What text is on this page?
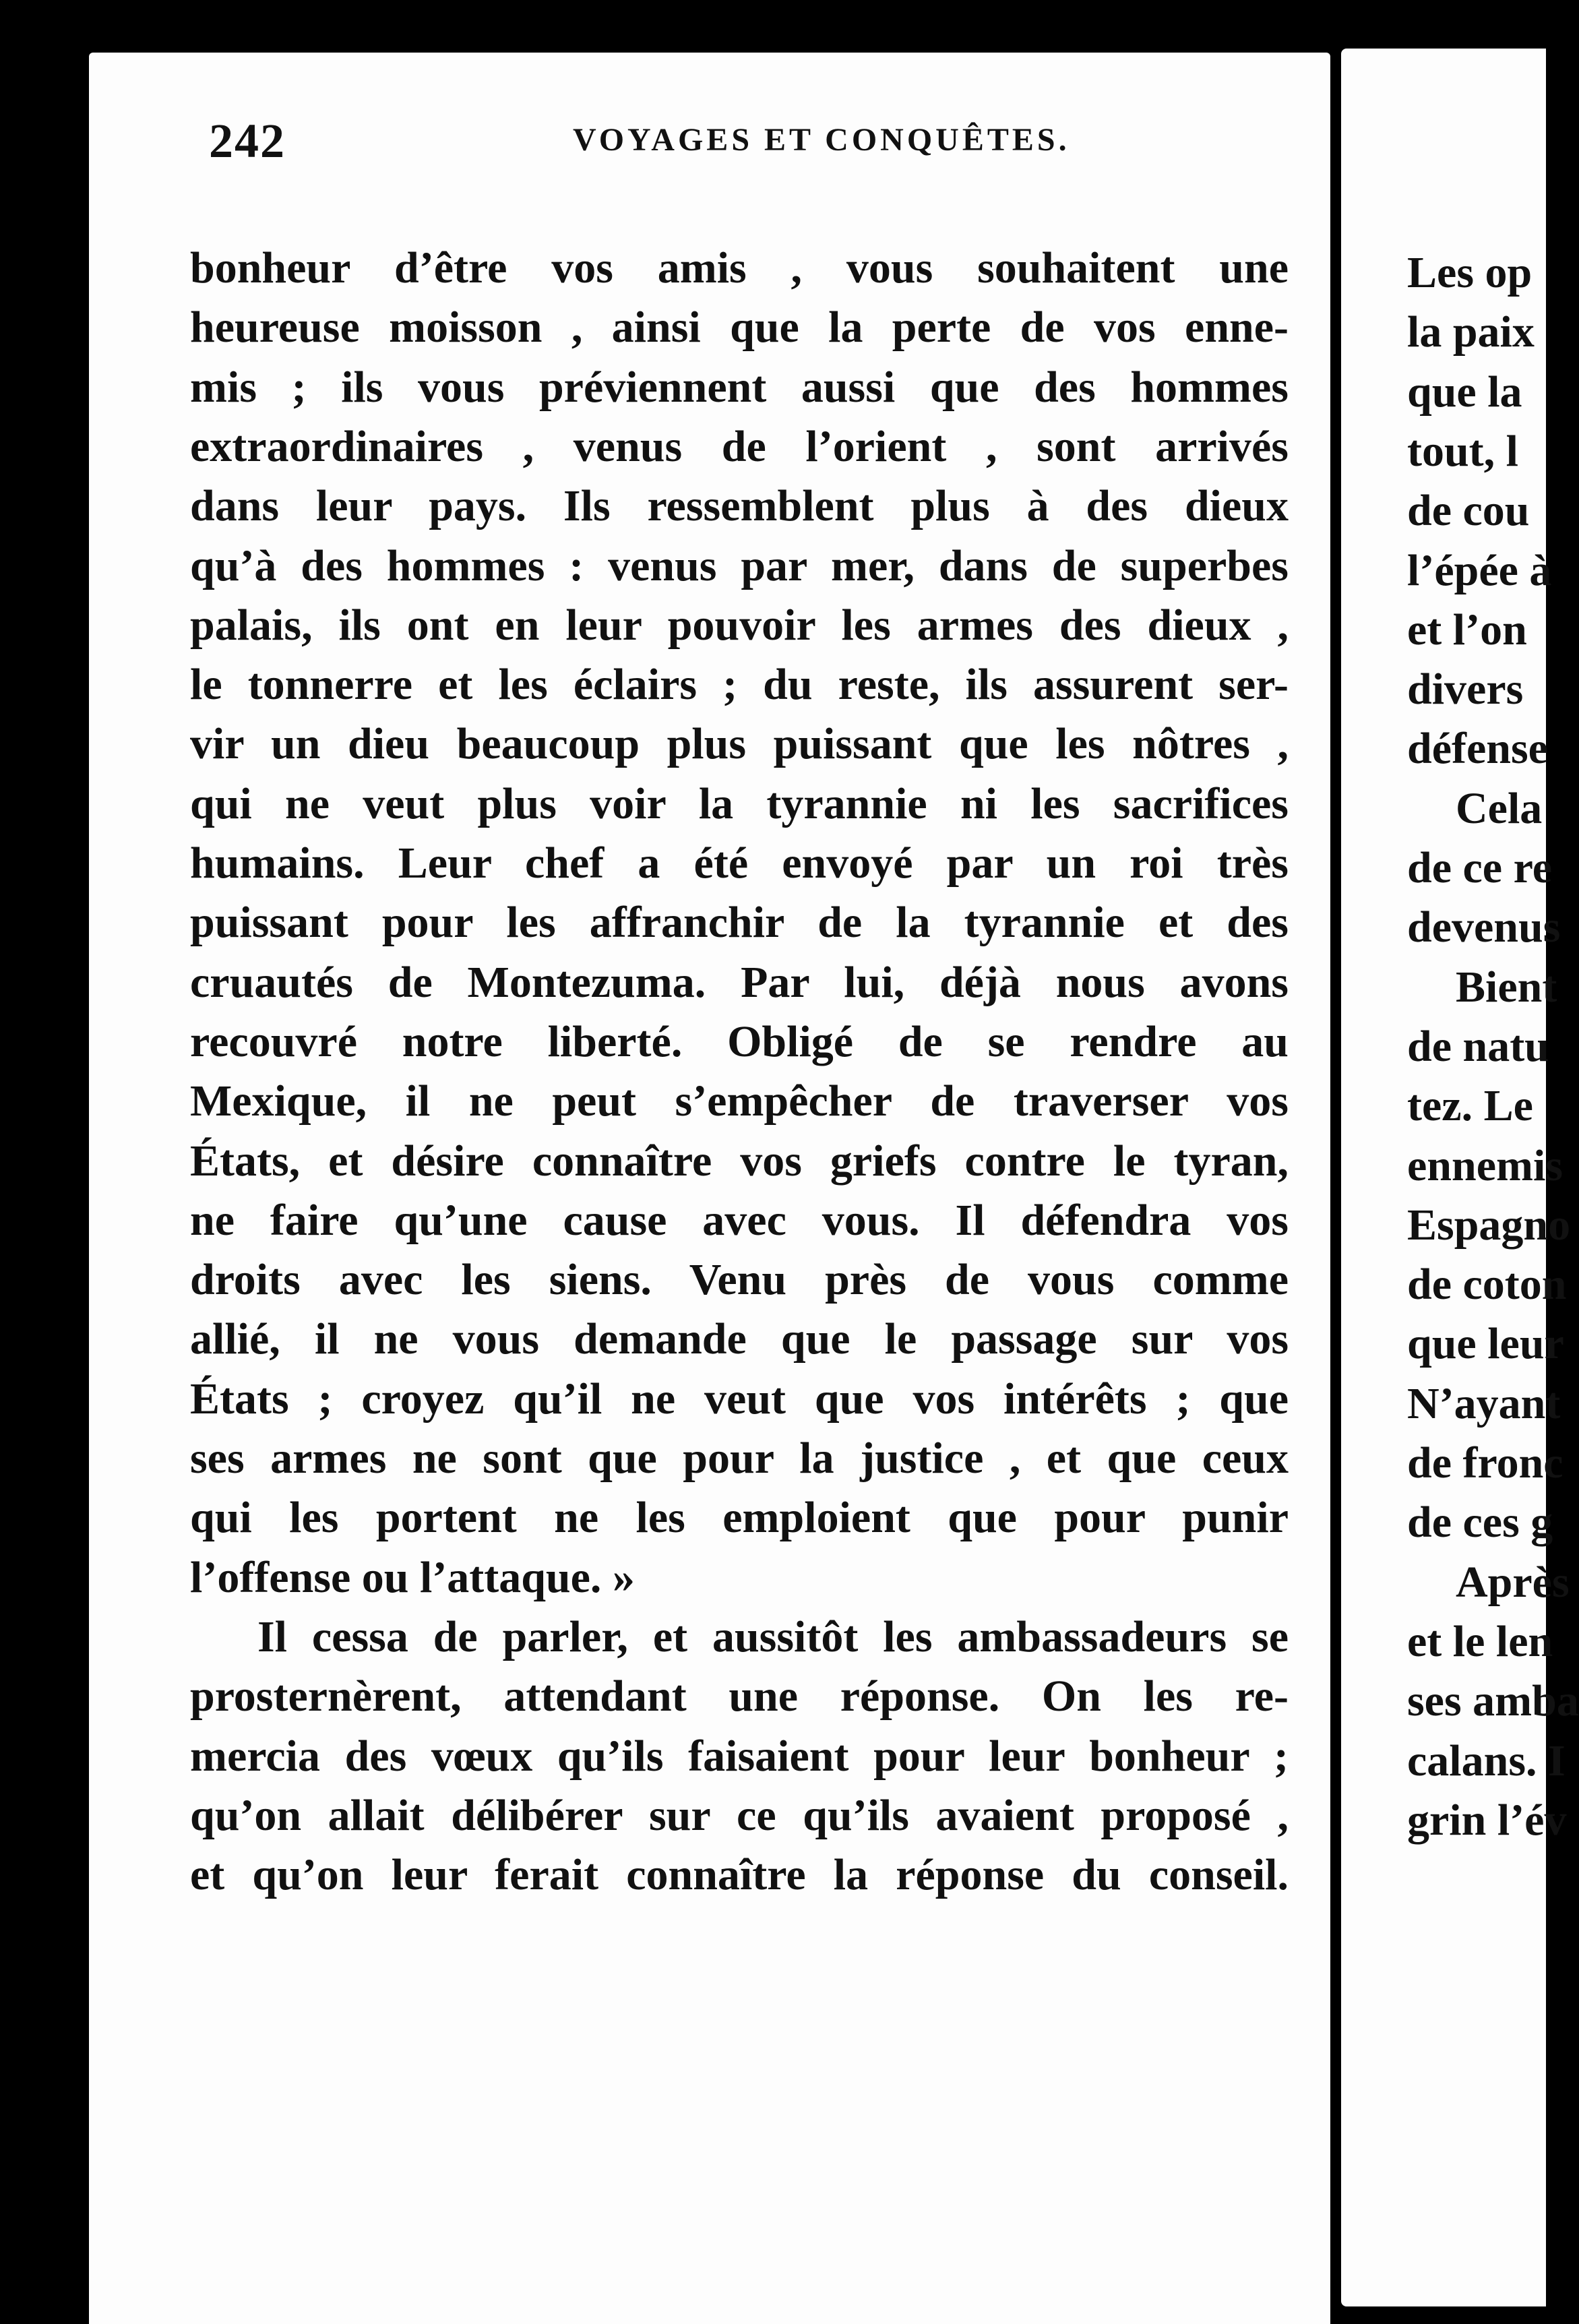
Les op
la paix
que la
tout, l
de cou
l’épée à
et l’on
divers
défense
Cela
de ce re
devenus
Bient
de natu
tez. Le
ennemis
Espagno
de coton
que leur
N’ayant
de fronc
de ces g
Après
et le len
ses amba
calans. I
grin l’év
242	VOYAGES ET CONQUÊTES.
bonheur d’être vos amis , vous souhaitent une
heureuse moisson , ainsi que la perte de vos enne-
mis ; ils vous préviennent aussi que des hommes
extraordinaires , venus de l’orient , sont arrivés
dans leur pays. Ils ressemblent plus à des dieux
qu’à des hommes : venus par mer, dans de superbes
palais, ils ont en leur pouvoir les armes des dieux ,
le tonnerre et les éclairs ; du reste, ils assurent ser-
vir un dieu beaucoup plus puissant que les nôtres ,
qui ne veut plus voir la tyrannie ni les sacrifices
humains. Leur chef a été envoyé par un roi très
puissant pour les affranchir de la tyrannie et des
cruautés de Montezuma. Par lui, déjà nous avons
recouvré notre liberté. Obligé de se rendre au
Mexique, il ne peut s’empêcher de traverser vos
États, et désire connaître vos griefs contre le tyran,
ne faire qu’une cause avec vous. Il défendra vos
droits avec les siens. Venu près de vous comme
allié, il ne vous demande que le passage sur vos
États ; croyez qu’il ne veut que vos intérêts ; que
ses armes ne sont que pour la justice , et que ceux
qui les portent ne les emploient que pour punir
l’offense ou l’attaque. »
Il cessa de parler, et aussitôt les ambassadeurs se
prosternèrent, attendant une réponse. On les re-
mercia des vœux qu’ils faisaient pour leur bonheur ;
qu’on allait délibérer sur ce qu’ils avaient proposé ,
et qu’on leur ferait connaître la réponse du conseil.
